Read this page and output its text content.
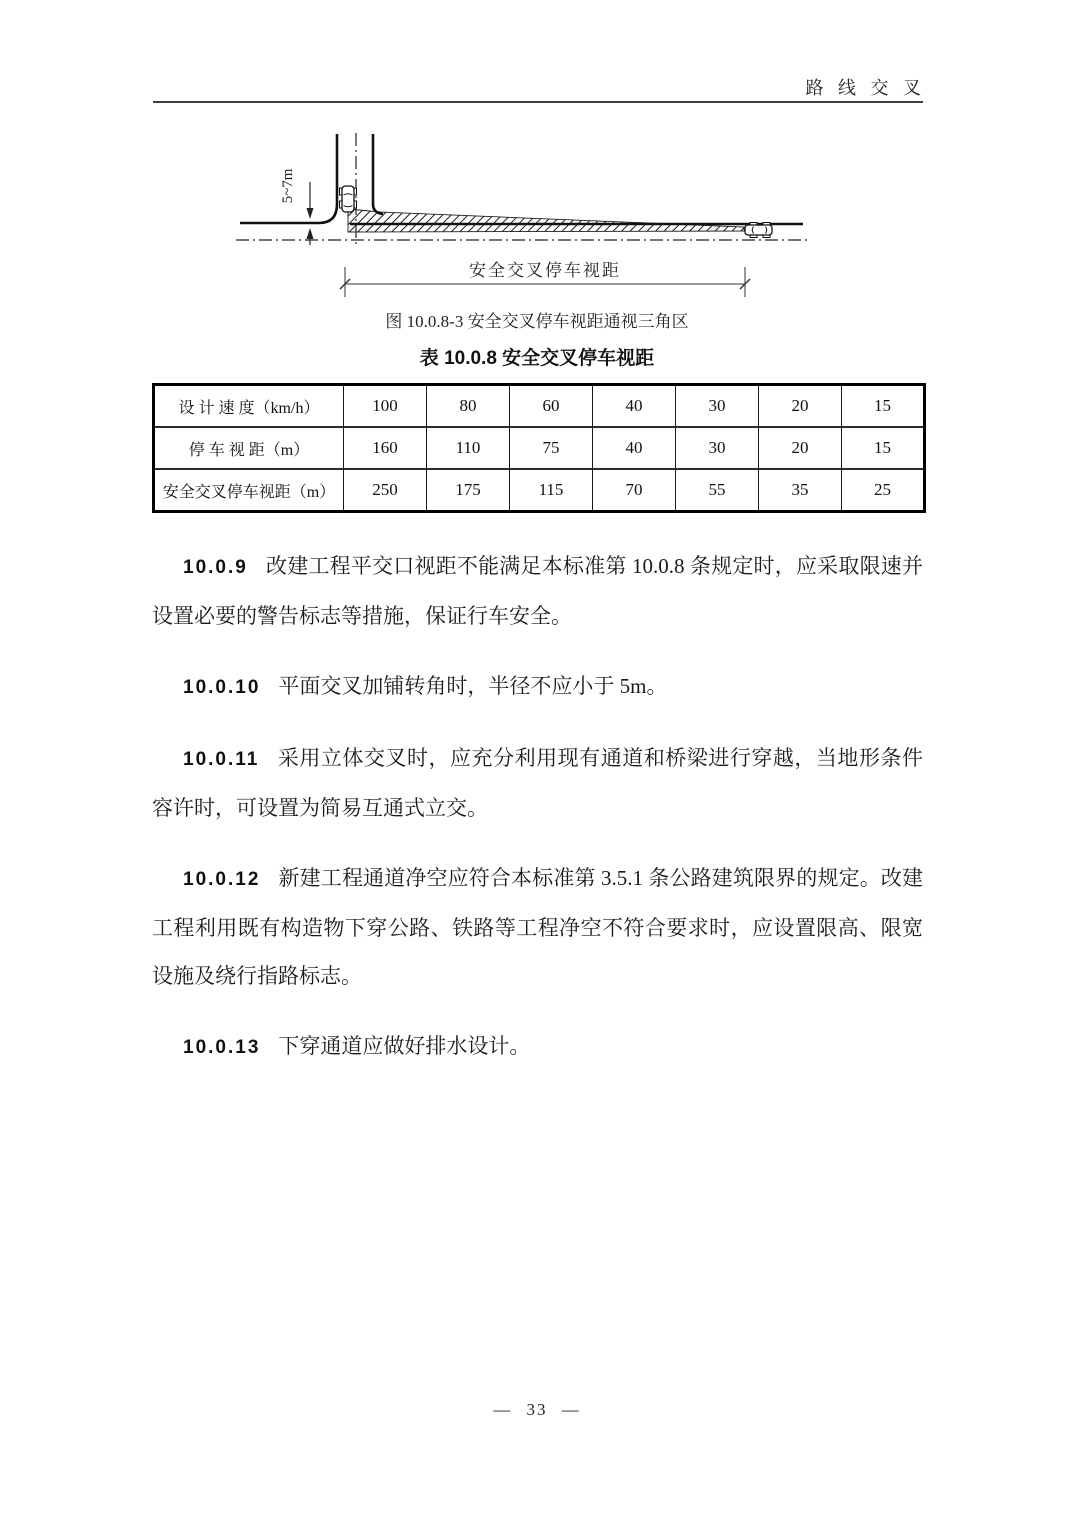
路 线 交 叉
5~7m
安全交叉停车视距
图 10.0.8-3 安全交叉停车视距通视三角区
表 10.0.8 安全交叉停车视距
设 计 速 度（km/h）	100	80	60	40	30	20	15
停 车 视 距（m）	160	110	75	40	30	20	15
安全交叉停车视距（m）	250	175	115	70	55	35	25

10.0.9 改建工程平交口视距不能满足本标准第 10.0.8 条规定时，应采取限速并设置必要的警告标志等措施，保证行车安全。

10.0.10 平面交叉加铺转角时，半径不应小于 5m。

10.0.11 采用立体交叉时，应充分利用现有通道和桥梁进行穿越，当地形条件容许时，可设置为简易互通式立交。

10.0.12 新建工程通道净空应符合本标准第 3.5.1 条公路建筑限界的规定。改建工程利用既有构造物下穿公路、铁路等工程净空不符合要求时，应设置限高、限宽设施及绕行指路标志。

10.0.13 下穿通道应做好排水设计。

— 33 —
